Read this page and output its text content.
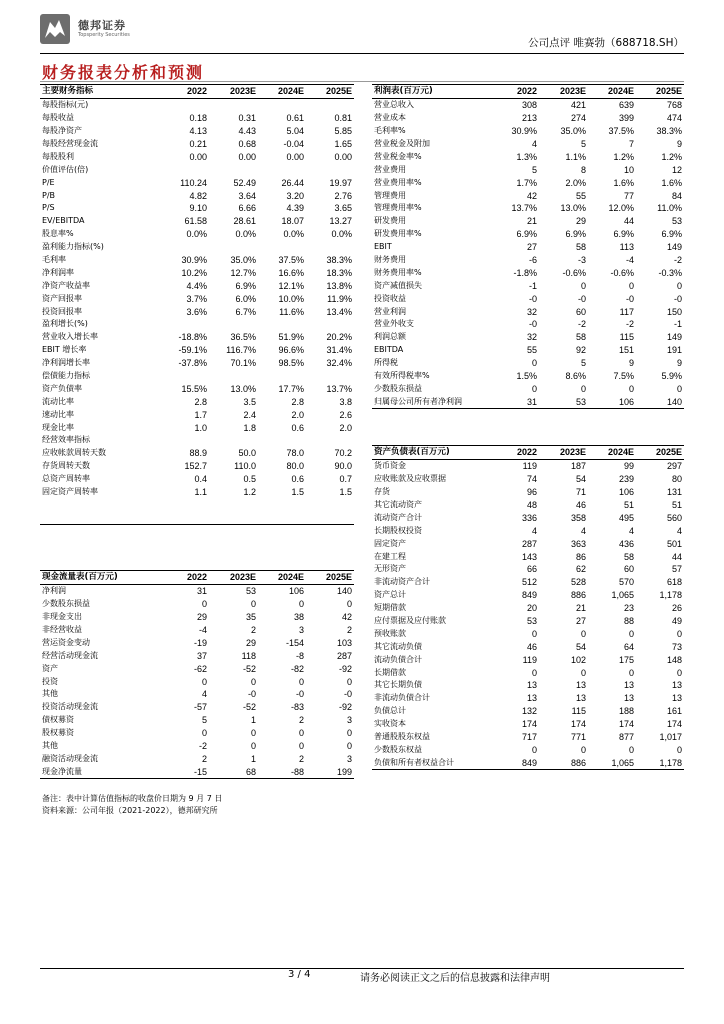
德邦证券
Topsperity Securities
公司点评 唯赛勃（688718.SH）
财务报表分析和预测
主要财务指标	2022	2023E	2024E	2025E
每股指标(元)				
每股收益	0.18	0.31	0.61	0.81
每股净资产	4.13	4.43	5.04	5.85
每股经营现金流	0.21	0.68	-0.04	1.65
每股股利	0.00	0.00	0.00	0.00
价值评估(倍)				
P/E	110.24	52.49	26.44	19.97
P/B	4.82	3.64	3.20	2.76
P/S	9.10	6.66	4.39	3.65
EV/EBITDA	61.58	28.61	18.07	13.27
股息率%	0.0%	0.0%	0.0%	0.0%
盈利能力指标(%)				
毛利率	30.9%	35.0%	37.5%	38.3%
净利润率	10.2%	12.7%	16.6%	18.3%
净资产收益率	4.4%	6.9%	12.1%	13.8%
资产回报率	3.7%	6.0%	10.0%	11.9%
投资回报率	3.6%	6.7%	11.6%	13.4%
盈利增长(%)				
营业收入增长率	-18.8%	36.5%	51.9%	20.2%
EBIT 增长率	-59.1%	116.7%	96.6%	31.4%
净利润增长率	-37.8%	70.1%	98.5%	32.4%
偿债能力指标				
资产负债率	15.5%	13.0%	17.7%	13.7%
流动比率	2.8	3.5	2.8	3.8
速动比率	1.7	2.4	2.0	2.6
现金比率	1.0	1.8	0.6	2.0
经营效率指标				
应收帐款周转天数	88.9	50.0	78.0	70.2
存货周转天数	152.7	110.0	80.0	90.0
总资产周转率	0.4	0.5	0.6	0.7
固定资产周转率	1.1	1.2	1.5	1.5

利润表(百万元)	2022	2023E	2024E	2025E
营业总收入	308	421	639	768
营业成本	213	274	399	474
毛利率%	30.9%	35.0%	37.5%	38.3%
营业税金及附加	4	5	7	9
营业税金率%	1.3%	1.1%	1.2%	1.2%
营业费用	5	8	10	12
营业费用率%	1.7%	2.0%	1.6%	1.6%
管理费用	42	55	77	84
管理费用率%	13.7%	13.0%	12.0%	11.0%
研发费用	21	29	44	53
研发费用率%	6.9%	6.9%	6.9%	6.9%
EBIT	27	58	113	149
财务费用	-6	-3	-4	-2
财务费用率%	-1.8%	-0.6%	-0.6%	-0.3%
资产减值损失	-1	0	0	0
投资收益	-0	-0	-0	-0
营业利润	32	60	117	150
营业外收支	-0	-2	-2	-1
利润总额	32	58	115	149
EBITDA	55	92	151	191
所得税	0	5	9	9
有效所得税率%	1.5%	8.6%	7.5%	5.9%
少数股东损益	0	0	0	0
归属母公司所有者净利润	31	53	106	140
资产负债表(百万元)	2022	2023E	2024E	2025E
货币资金	119	187	99	297
应收账款及应收票据	74	54	239	80
存货	96	71	106	131
其它流动资产	48	46	51	51
流动资产合计	336	358	495	560
长期股权投资	4	4	4	4
固定资产	287	363	436	501
在建工程	143	86	58	44
无形资产	66	62	60	57
非流动资产合计	512	528	570	618
资产总计	849	886	1,065	1,178
短期借款	20	21	23	26
应付票据及应付账款	53	27	88	49
预收账款	0	0	0	0
其它流动负债	46	54	64	73
流动负债合计	119	102	175	148
长期借款	0	0	0	0
其它长期负债	13	13	13	13
非流动负债合计	13	13	13	13
负债总计	132	115	188	161
实收资本	174	174	174	174
普通股股东权益	717	771	877	1,017
少数股东权益	0	0	0	0
负债和所有者权益合计	849	886	1,065	1,178
现金流量表(百万元)	2022	2023E	2024E	2025E
净利润	31	53	106	140
少数股东损益	0	0	0	0
非现金支出	29	35	38	42
非经营收益	-4	2	3	2
营运资金变动	-19	29	-154	103
经营活动现金流	37	118	-8	287
资产	-62	-52	-82	-92
投资	0	0	0	0
其他	4	-0	-0	-0
投资活动现金流	-57	-52	-83	-92
债权募资	5	1	2	3
股权募资	0	0	0	0
其他	-2	0	0	0
融资活动现金流	2	1	2	3
现金净流量	-15	68	-88	199
备注：表中计算估值指标的收盘价日期为 9 月 7 日
资料来源：公司年报（2021-2022），德邦研究所
3 / 4	请务必阅读正文之后的信息披露和法律声明
